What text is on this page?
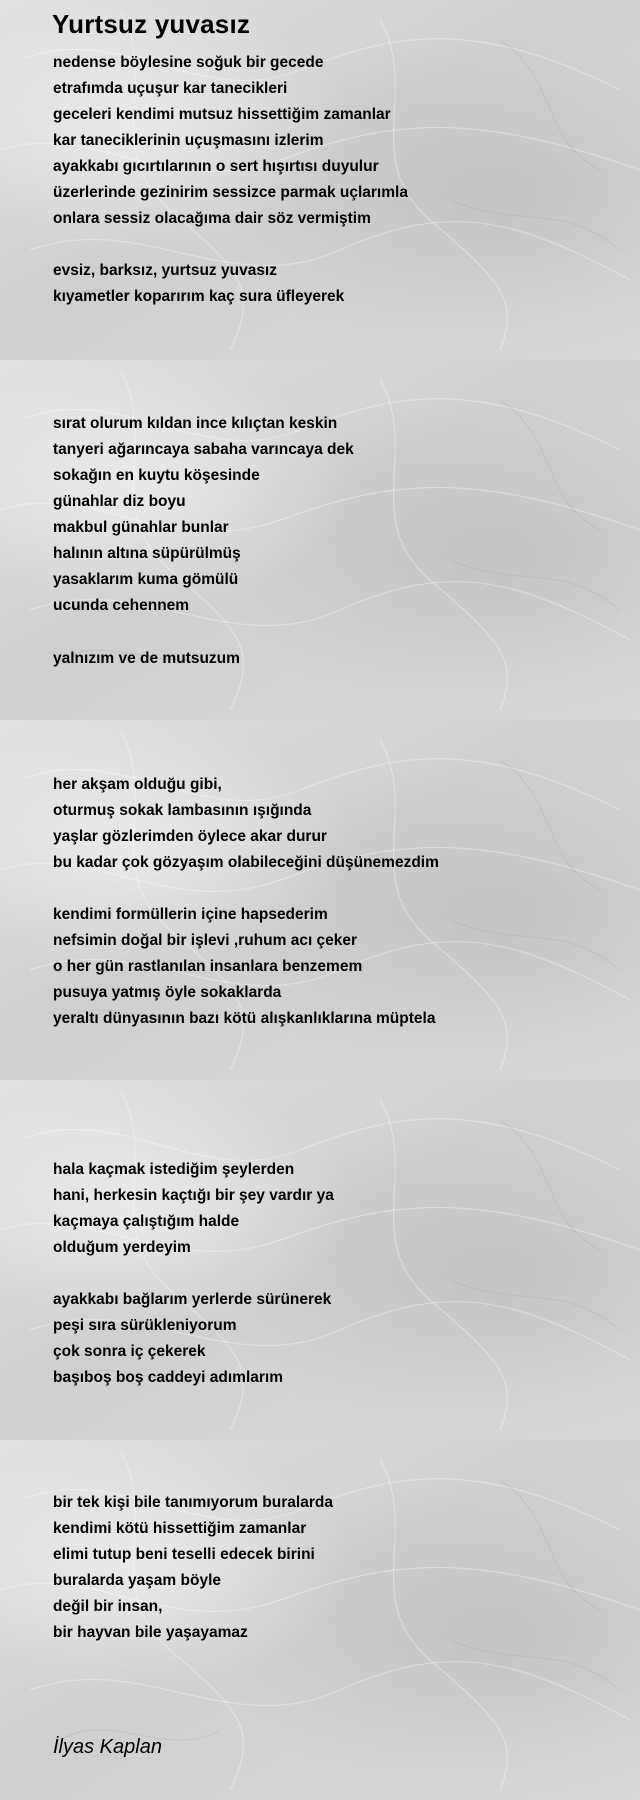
Yurtsuz yuvasız
nedense böylesine soğuk bir gecede
etrafımda uçuşur kar tanecikleri
geceleri kendimi mutsuz hissettiğim zamanlar
kar taneciklerinin uçuşmasını izlerim
ayakkabı gıcırtılarının o sert hışırtısı duyulur
üzerlerinde gezinirim sessizce parmak uçlarımla
onlara sessiz olacağıma dair söz vermiştim
evsiz, barksız, yurtsuz yuvasız
kıyametler koparırım kaç sura üfleyerek
sırat olurum kıldan ince kılıçtan keskin
tanyeri ağarıncaya sabaha varıncaya dek
sokağın en kuytu köşesinde
günahlar diz boyu
makbul günahlar bunlar
halının altına süpürülmüş
yasaklarım kuma gömülü
ucunda cehennem
yalnızım ve de mutsuzum
her akşam olduğu gibi,
oturmuş sokak lambasının ışığında
yaşlar gözlerimden öylece akar durur
bu kadar çok gözyaşım olabileceğini düşünemezdim
kendimi formüllerin içine hapsederim
nefsimin doğal bir işlevi ,ruhum acı çeker
o her gün rastlanılan insanlara benzemem
pusuya yatmış öyle sokaklarda
yeraltı dünyasının bazı kötü alışkanlıklarına müptela
hala kaçmak istediğim şeylerden
hani, herkesin kaçtığı bir şey vardır ya
kaçmaya çalıştığım halde
olduğum yerdeyim
ayakkabı bağlarım yerlerde sürünerek
peşi sıra sürükleniyorum
çok sonra iç çekerek
başıboş boş caddeyi adımlarım
bir tek kişi bile tanımıyorum buralarda
kendimi kötü hissettiğim zamanlar
elimi tutup beni teselli edecek birini
buralarda yaşam böyle
değil bir insan,
bir hayvan bile yaşayamaz
İlyas Kaplan
